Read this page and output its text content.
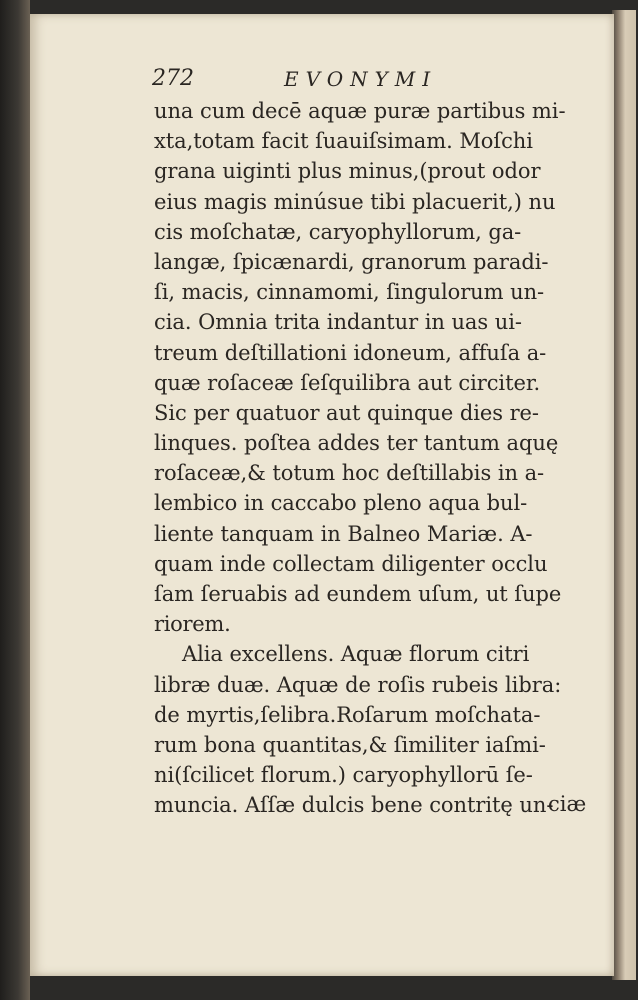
272	EVONYMI
una cum decē aquæ puræ partibus mi-
xta,totam facit ſuauiſsimam. Moſchi
grana uiginti plus minus,(prout odor
eius magis minúsue tibi placuerit,) nu
cis moſchatæ, caryophyllorum, ga-
langæ, ſpicænardi, granorum paradi-
ſi, macis, cinnamomi, ſingulorum un-
cia. Omnia trita indantur in uas ui-
treum deſtillationi idoneum, affuſa a-
quæ roſaceæ ſeſquilibra aut circiter.
Sic per quatuor aut quinque dies re-
linques. poſtea addes ter tantum aquę
roſaceæ,& totum hoc deſtillabis in a-
lembico in caccabo pleno aqua bul-
liente tanquam in Balneo Mariæ. A-
quam inde collectam diligenter occlu
ſam ſeruabis ad eundem uſum, ut ſupe
riorem.
Alia excellens. Aquæ florum citri
libræ duæ. Aquæ de roſis rubeis libra:
de myrtis,ſelibra.Roſarum moſchata-
rum bona quantitas,& ſimiliter iaſmi-
ni(ſcilicet florum.) caryophyllorū ſe-
muncia. Aſſæ dulcis bene contritę un-
ciæ
